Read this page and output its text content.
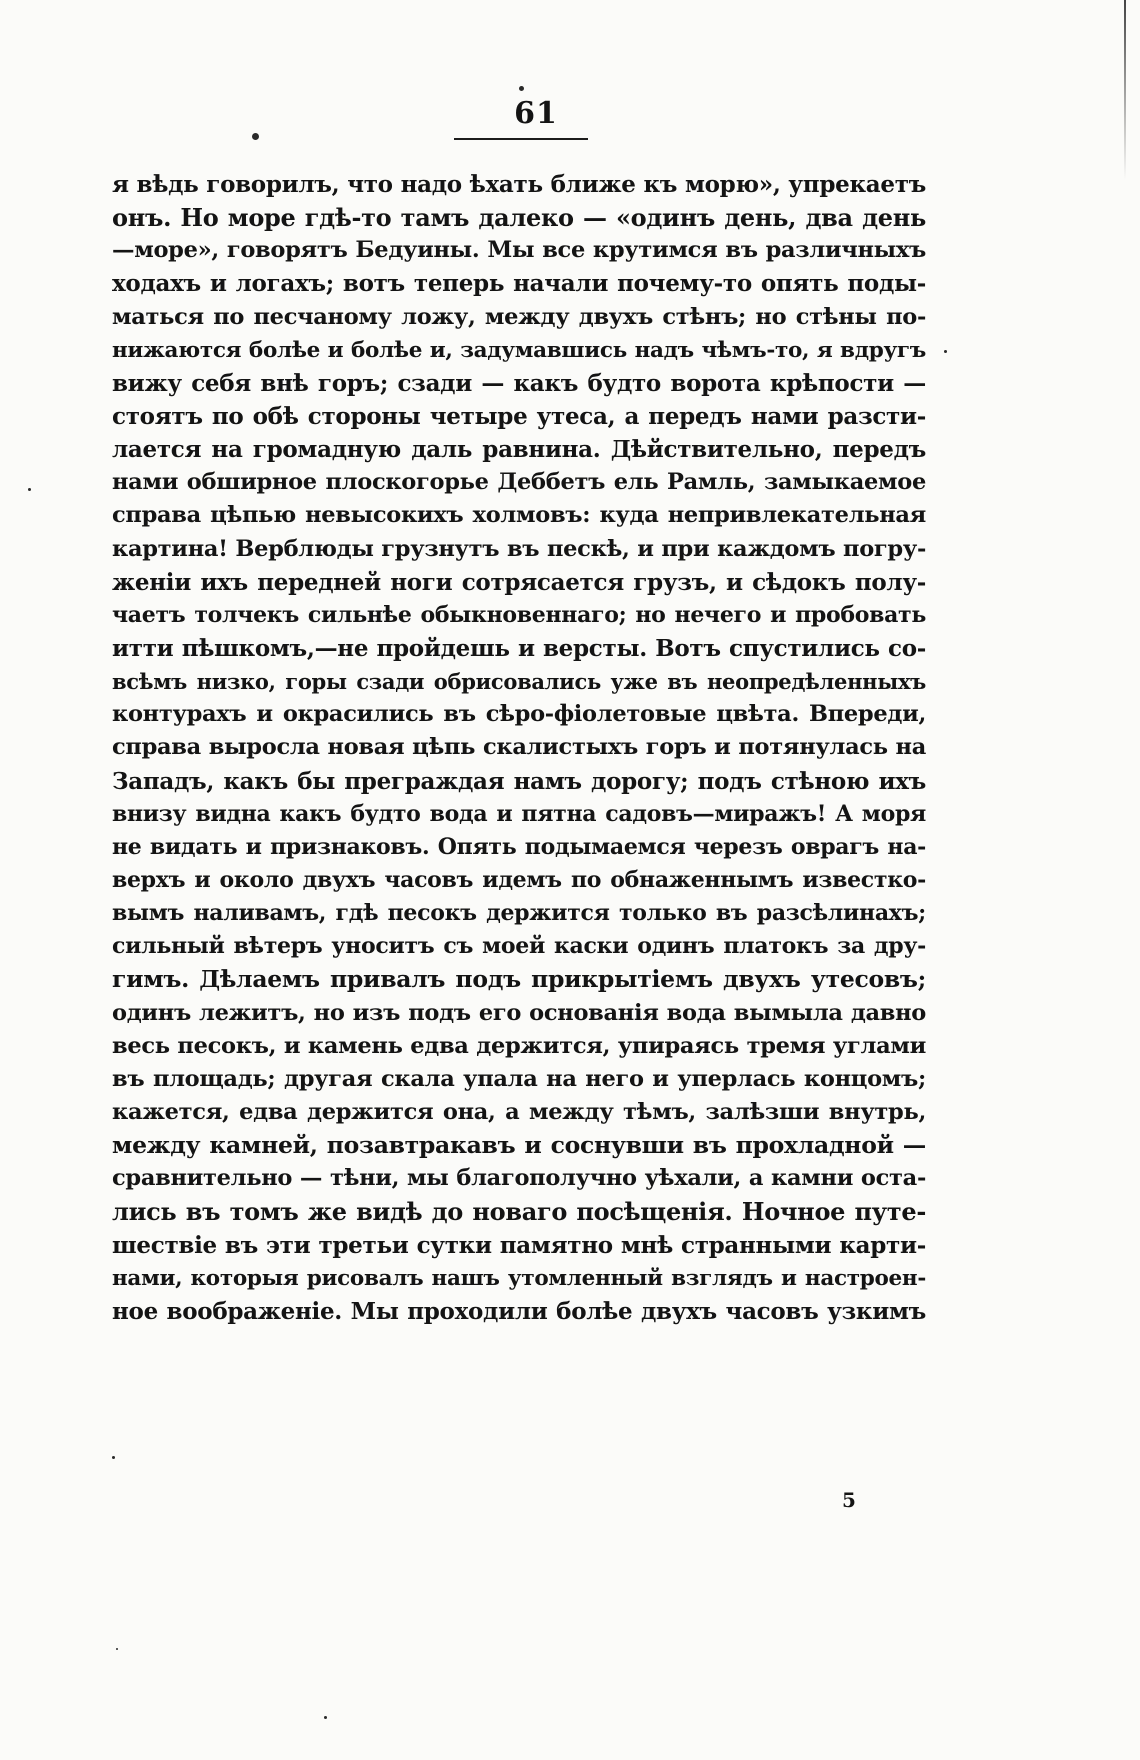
61
я вѣдь говорилъ, что надо ѣхать ближе къ морю», упрекаетъ
онъ. Но море гдѣ-то тамъ далеко — «одинъ день, два день
—море», говорятъ Бедуины. Мы все крутимся въ различныхъ
ходахъ и логахъ; вотъ теперь начали почему-то опять поды-
маться по песчаному ложу, между двухъ стѣнъ; но стѣны по-
нижаются болѣе и болѣе и, задумавшись надъ чѣмъ-то, я вдругъ
вижу себя внѣ горъ; сзади — какъ будто ворота крѣпости —
стоятъ по обѣ стороны четыре утеса, а передъ нами разсти-
лается на громадную даль равнина. Дѣйствительно, передъ
нами обширное плоскогорье Деббетъ ель Рамль, замыкаемое
справа цѣпью невысокихъ холмовъ: куда непривлекательная
картина! Верблюды грузнутъ въ пескѣ, и при каждомъ погру-
женіи ихъ передней ноги сотрясается грузъ, и сѣдокъ полу-
чаетъ толчекъ сильнѣе обыкновеннаго; но нечего и пробовать
итти пѣшкомъ,—не пройдешь и версты. Вотъ спустились со-
всѣмъ низко, горы сзади обрисовались уже въ неопредѣленныхъ
контурахъ и окрасились въ сѣро-фіолетовые цвѣта. Впереди,
справа выросла новая цѣпь скалистыхъ горъ и потянулась на
Западъ, какъ бы преграждая намъ дорогу; подъ стѣною ихъ
внизу видна какъ будто вода и пятна садовъ—миражъ! А моря
не видать и признаковъ. Опять подымаемся черезъ оврагъ на-
верхъ и около двухъ часовъ идемъ по обнаженнымъ известко-
вымъ наливамъ, гдѣ песокъ держится только въ разсѣлинахъ;
сильный вѣтеръ уноситъ съ моей каски одинъ платокъ за дру-
гимъ. Дѣлаемъ привалъ подъ прикрытіемъ двухъ утесовъ;
одинъ лежитъ, но изъ подъ его основанія вода вымыла давно
весь песокъ, и камень едва держится, упираясь тремя углами
въ площадь; другая скала упала на него и уперлась концомъ;
кажется, едва держится она, а между тѣмъ, залѣзши внутрь,
между камней, позавтракавъ и соснувши въ прохладной —
сравнительно — тѣни, мы благополучно уѣхали, а камни оста-
лись въ томъ же видѣ до новаго посѣщенія. Ночное путе-
шествіе въ эти третьи сутки памятно мнѣ странными карти-
нами, которыя рисовалъ нашъ утомленный взглядъ и настроен-
ное воображеніе. Мы проходили болѣе двухъ часовъ узкимъ
5
